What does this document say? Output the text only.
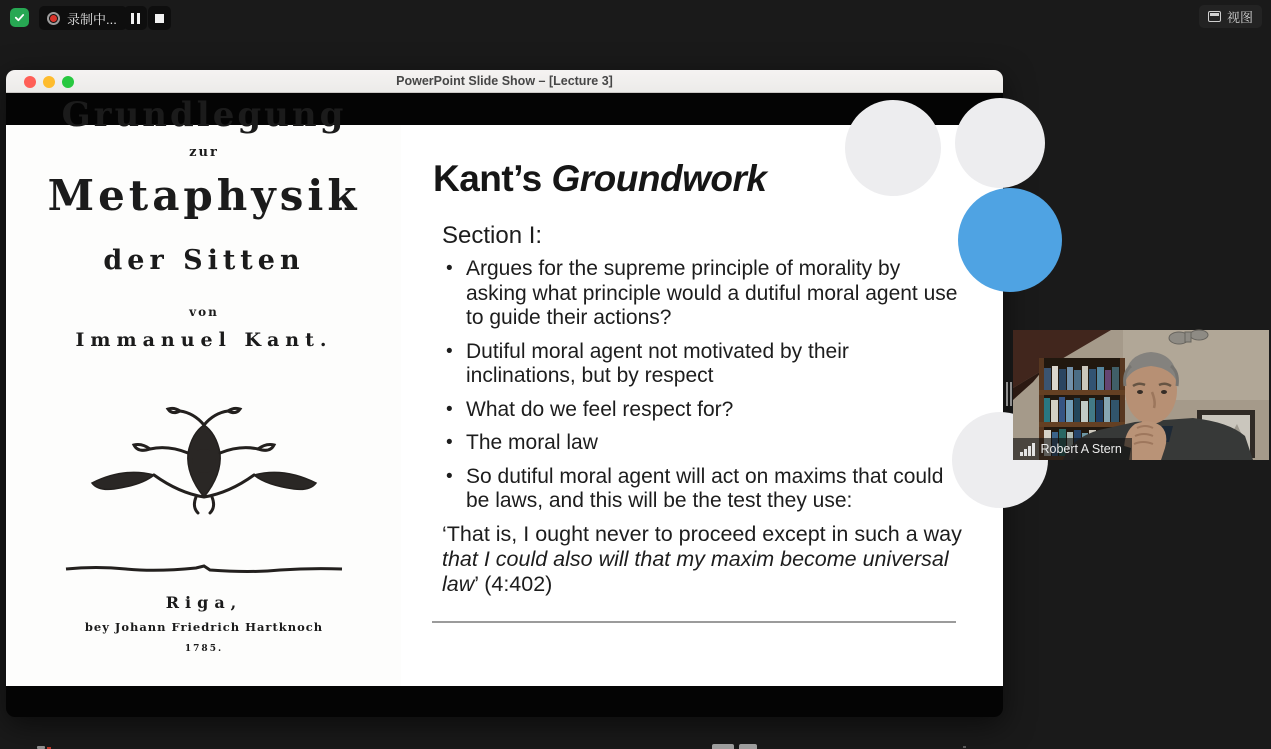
录制中...	视图
PowerPoint Slide Show – [Lecture 3]
Grundlegung
zur
Metaphysik
der Sitten
von
Immanuel Kant.
Riga,
bey Johann Friedrich Hartknoch
1785.
Kant’s Groundwork
Section I:
• Argues for the supreme principle of morality by asking what principle would a dutiful moral agent use to guide their actions?
• Dutiful moral agent not motivated by their inclinations, but by respect
• What do we feel respect for?
• The moral law
• So dutiful moral agent will act on maxims that could be laws, and this will be the test they use:
‘That is, I ought never to proceed except in such a way that I could also will that my maxim become universal law’ (4:402)
Robert A Stern
